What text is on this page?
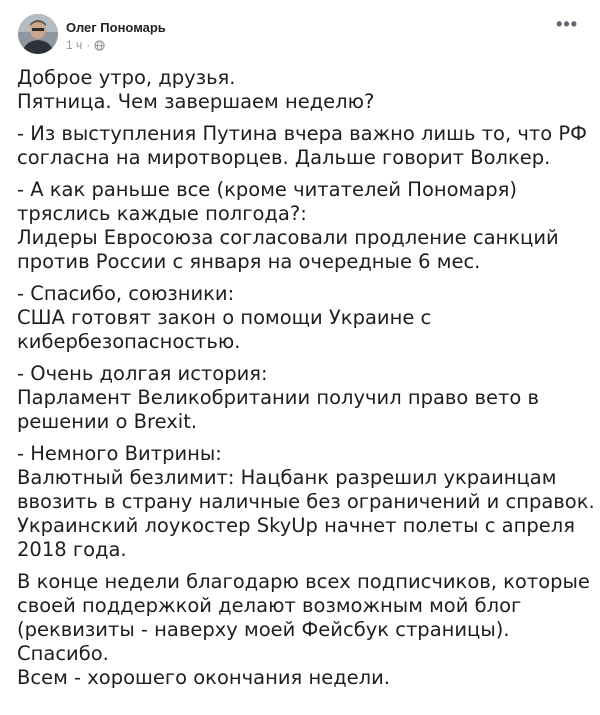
Олег Пономарь
1 ч ·
•••
Доброе утро, друзья.
Пятница. Чем завершаем неделю?
- Из выступления Путина вчера важно лишь то, что РФ
согласна на миротворцев. Дальше говорит Волкер.
- А как раньше все (кроме читателей Пономаря)
тряслись каждые полгода?:
Лидеры Евросоюза согласовали продление санкций
против России с января на очередные 6 мес.
- Спасибо, союзники:
США готовят закон о помощи Украине с
кибербезопасностью.
- Очень долгая история:
Парламент Великобритании получил право вето в
решении о Brexit.
- Немного Витрины:
Валютный безлимит: Нацбанк разрешил украинцам
ввозить в страну наличные без ограничений и справок.
Украинский лоукостер SkyUp начнет полеты с апреля
2018 года.
В конце недели благодарю всех подписчиков, которые
своей поддержкой делают возможным мой блог
(реквизиты - наверху моей Фейсбук страницы).
Спасибо.
Всем - хорошего окончания недели.
